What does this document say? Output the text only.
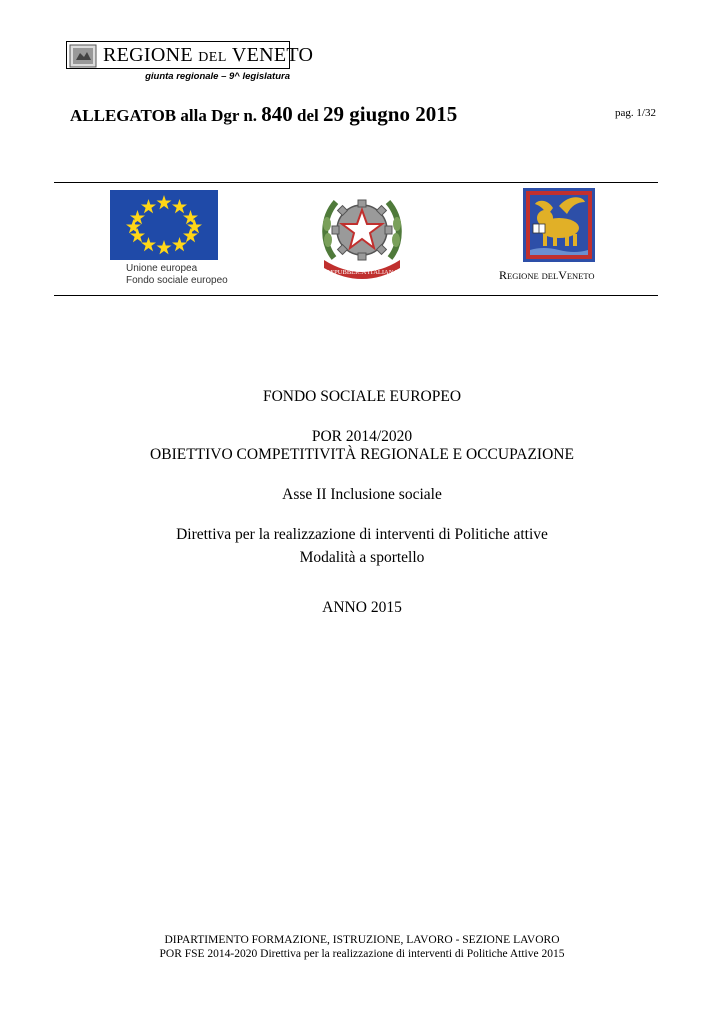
REGIONE DEL VENETO
giunta regionale – 9^ legislatura
ALLEGATOB alla Dgr n. 840 del 29 giugno 2015	pag. 1/32
Unione europea
Fondo sociale europeo
REPUBBLICA ITALIANA	REGIONE DELVENETO
FONDO SOCIALE EUROPEO
POR 2014/2020
OBIETTIVO COMPETITIVITÀ REGIONALE E OCCUPAZIONE
Asse II Inclusione sociale
Direttiva per la realizzazione di interventi di Politiche attive
Modalità a sportello
ANNO 2015
DIPARTIMENTO FORMAZIONE, ISTRUZIONE, LAVORO - SEZIONE LAVORO
POR FSE 2014-2020 Direttiva per la realizzazione di interventi di Politiche Attive 2015
